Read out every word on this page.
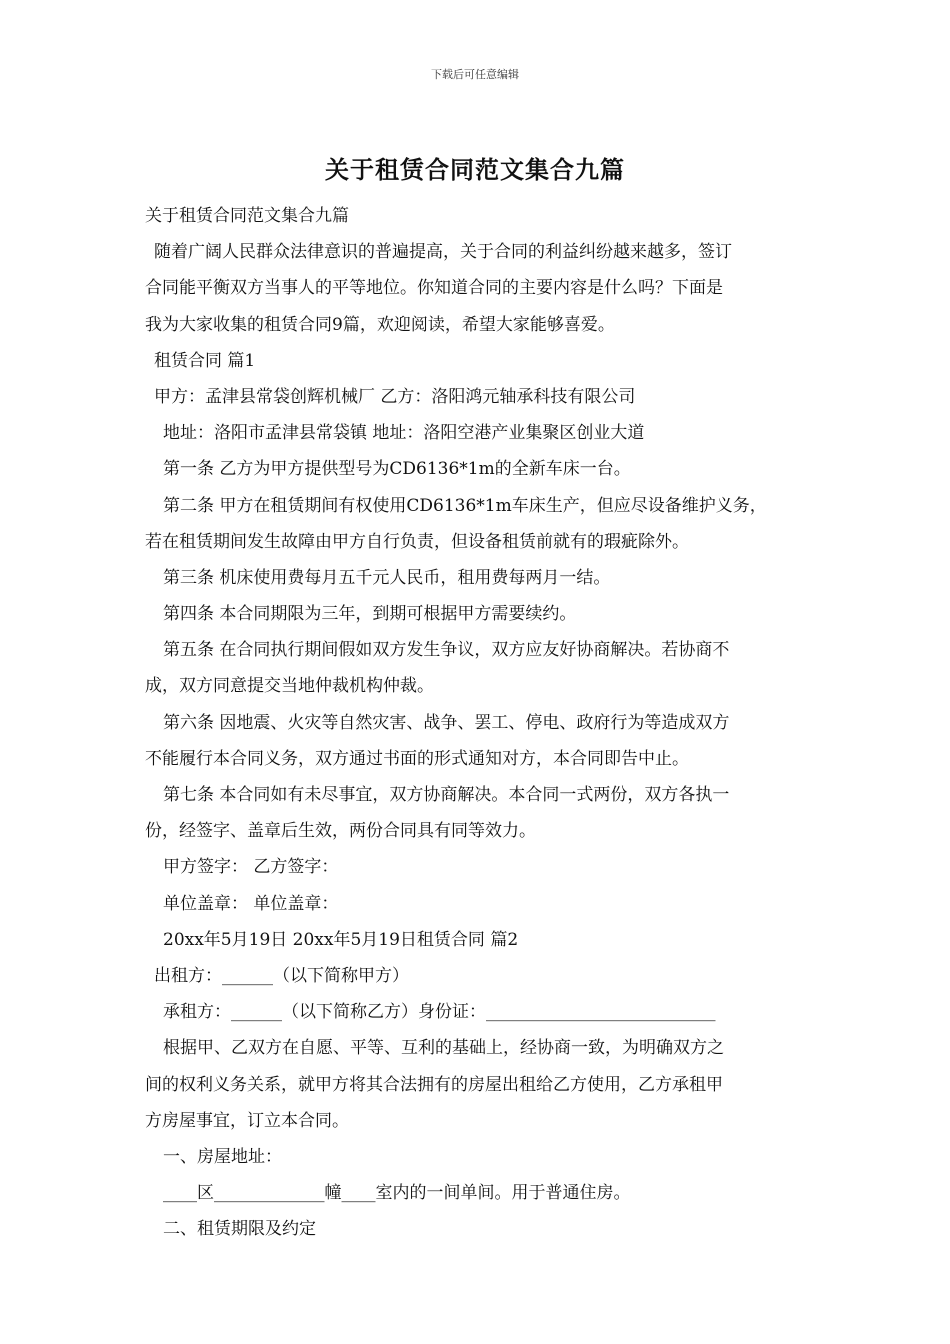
下载后可任意编辑
关于租赁合同范文集合九篇
关于租赁合同范文集合九篇
随着广阔人民群众法律意识的普遍提高，关于合同的利益纠纷越来越多，签订
合同能平衡双方当事人的平等地位。你知道合同的主要内容是什么吗？下面是
我为大家收集的租赁合同9篇，欢迎阅读，希望大家能够喜爱。
租赁合同 篇1
甲方：孟津县常袋创辉机械厂 乙方：洛阳鸿元轴承科技有限公司
地址：洛阳市孟津县常袋镇 地址：洛阳空港产业集聚区创业大道
第一条 乙方为甲方提供型号为CD6136*1m的全新车床一台。
第二条 甲方在租赁期间有权使用CD6136*1m车床生产，但应尽设备维护义务，
若在租赁期间发生故障由甲方自行负责，但设备租赁前就有的瑕疵除外。
第三条 机床使用费每月五千元人民币，租用费每两月一结。
第四条 本合同期限为三年，到期可根据甲方需要续约。
第五条 在合同执行期间假如双方发生争议，双方应友好协商解决。若协商不
成，双方同意提交当地仲裁机构仲裁。
第六条 因地震、火灾等自然灾害、战争、罢工、停电、政府行为等造成双方
不能履行本合同义务，双方通过书面的形式通知对方，本合同即告中止。
第七条 本合同如有未尽事宜，双方协商解决。本合同一式两份，双方各执一
份，经签字、盖章后生效，两份合同具有同等效力。
甲方签字： 乙方签字：
单位盖章： 单位盖章：
20xx年5月19日 20xx年5月19日租赁合同 篇2
出租方：______（以下简称甲方）
承租方：______（以下简称乙方）身份证：___________________________
根据甲、乙双方在自愿、平等、互利的基础上，经协商一致，为明确双方之
间的权利义务关系，就甲方将其合法拥有的房屋出租给乙方使用，乙方承租甲
方房屋事宜，订立本合同。
一、房屋地址：
____区_____________幢____室内的一间单间。用于普通住房。
二、租赁期限及约定
